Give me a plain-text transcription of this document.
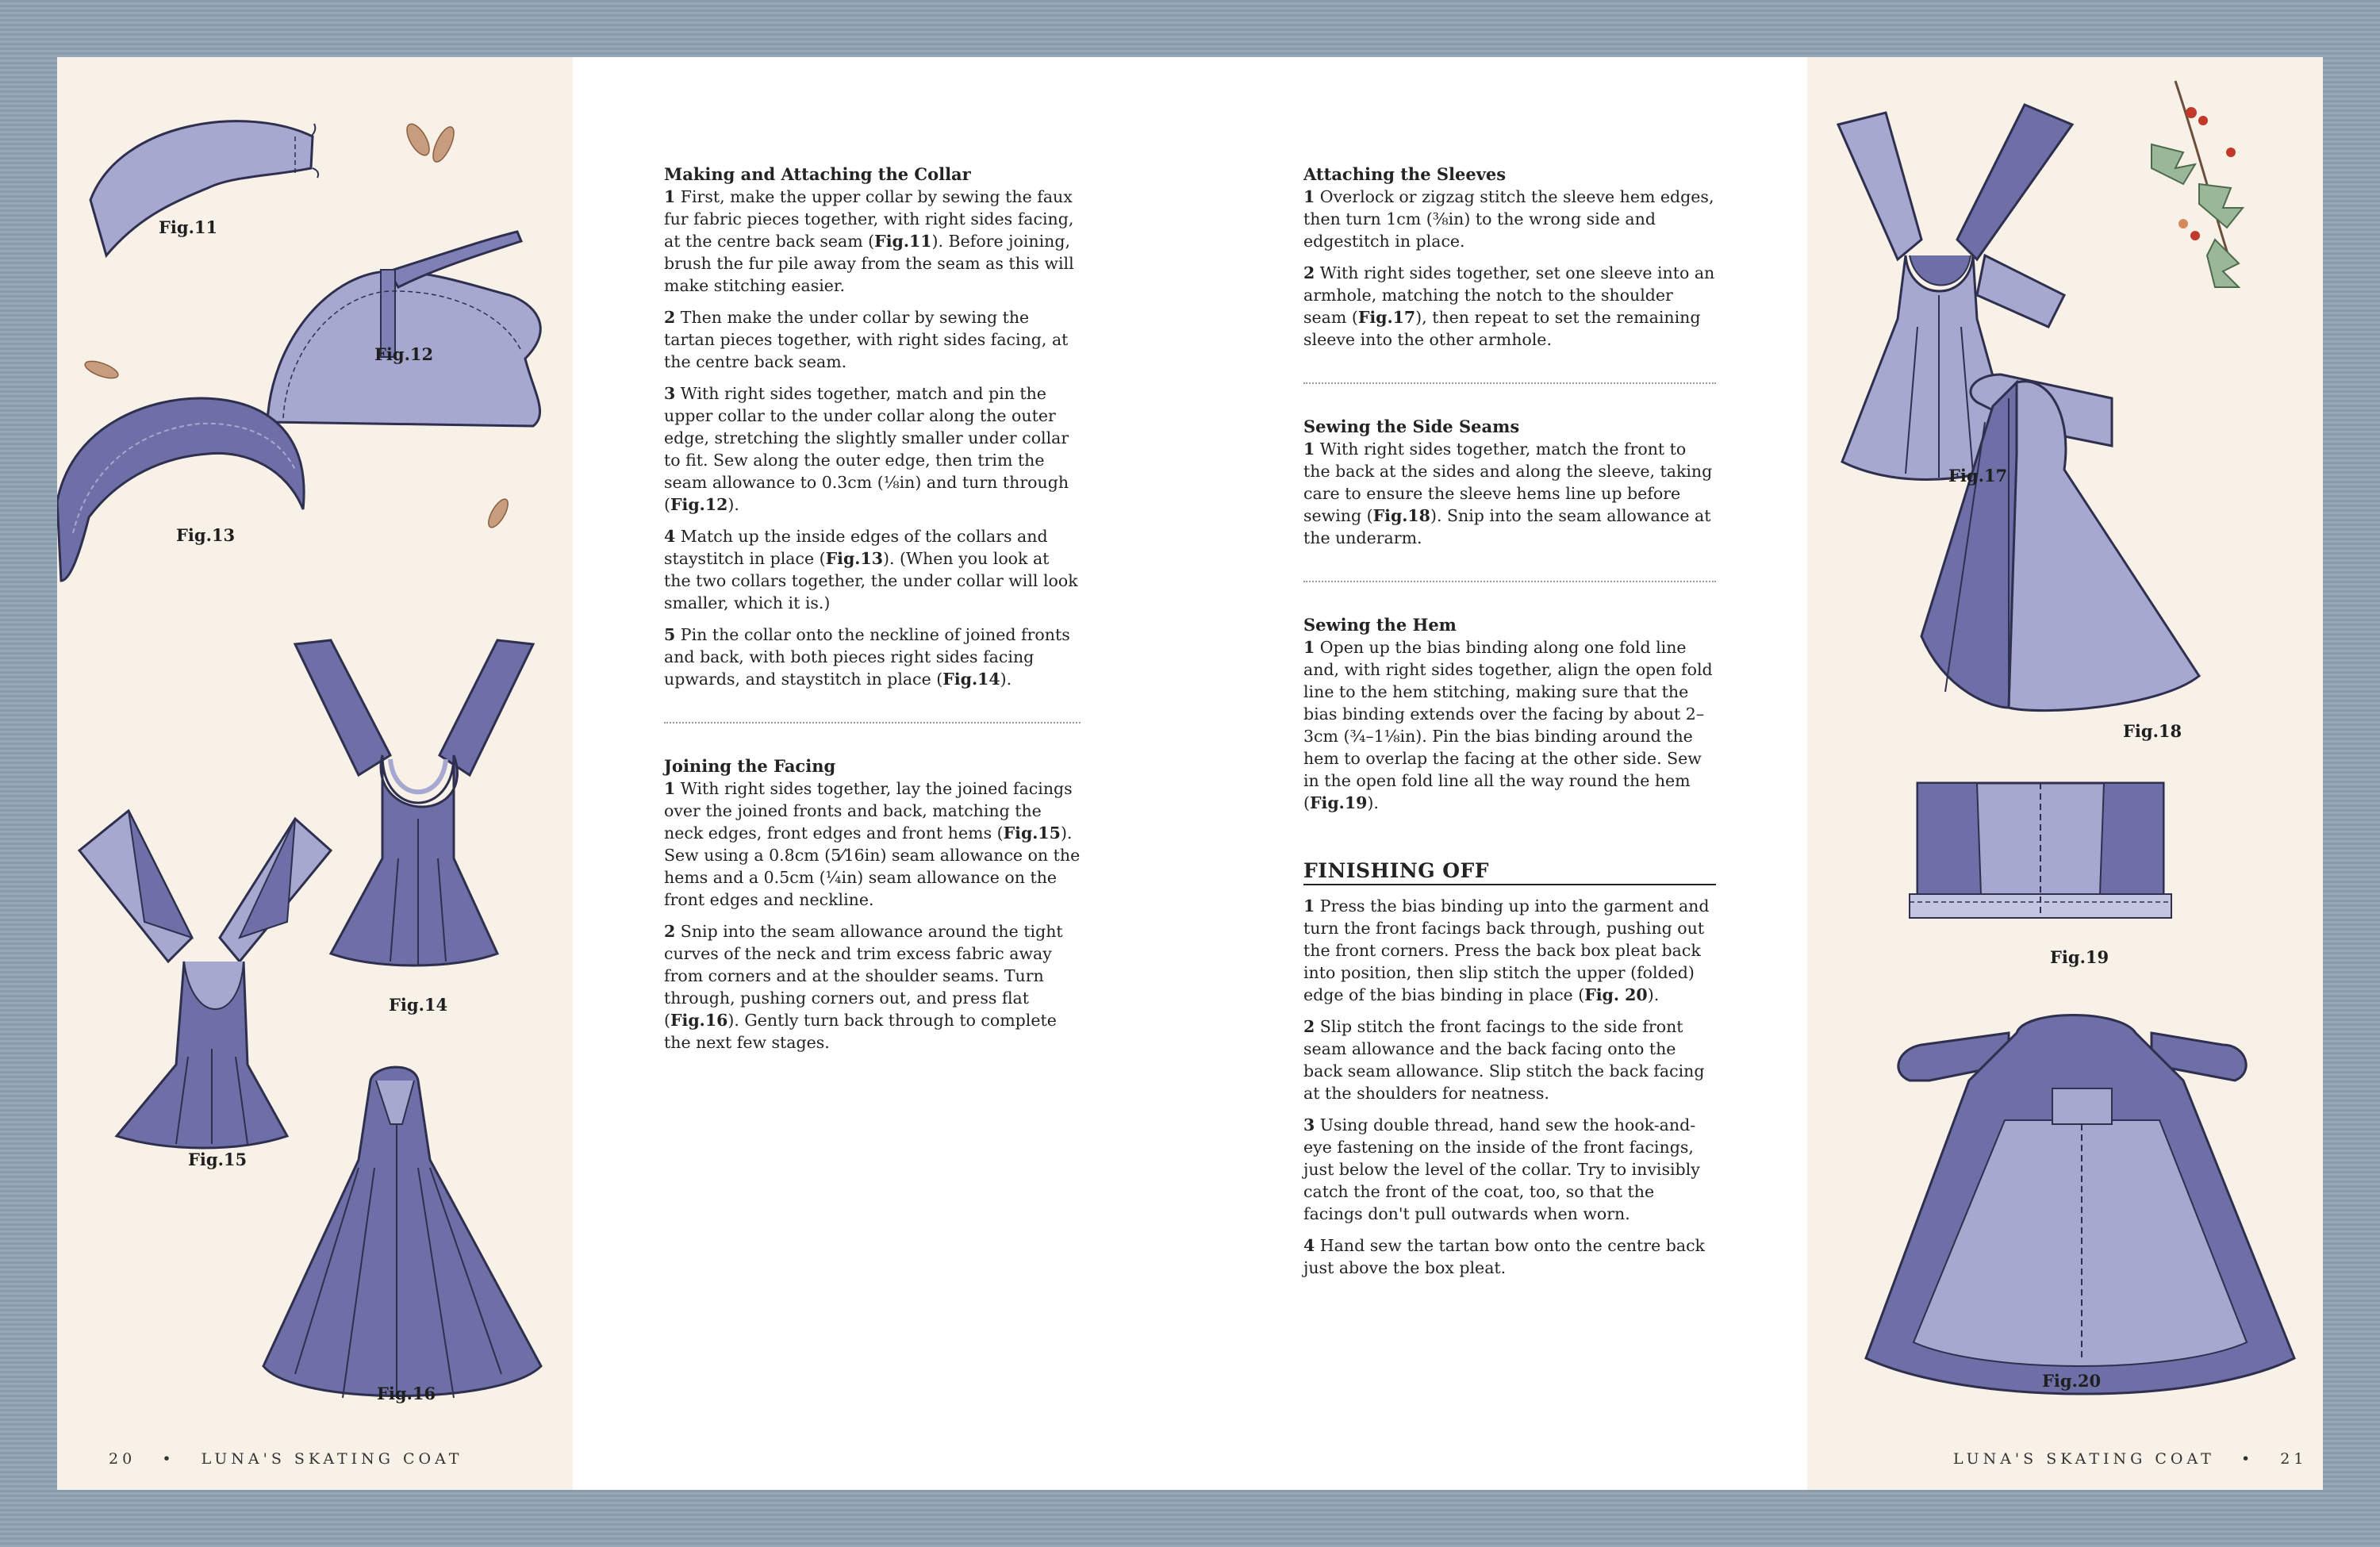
Fig.11
Fig.12
Fig.13
Fig.14
Fig.15
Fig.16
Fig.17
Fig.18
Fig.19
Fig.20
Making and Attaching the Collar

1 First, make the upper collar by sewing the faux fur fabric pieces together, with right sides facing, at the centre back seam (Fig.11). Before joining, brush the fur pile away from the seam as this will make stitching easier.

2 Then make the under collar by sewing the tartan pieces together, with right sides facing, at the centre back seam.

3 With right sides together, match and pin the upper collar to the under collar along the outer edge, stretching the slightly smaller under collar to fit. Sew along the outer edge, then trim the seam allowance to 0.3cm (⅛in) and turn through (Fig.12).

4 Match up the inside edges of the collars and staystitch in place (Fig.13). (When you look at the two collars together, the under collar will look smaller, which it is.)

5 Pin the collar onto the neckline of joined fronts and back, with both pieces right sides facing upwards, and staystitch in place (Fig.14).

Joining the Facing

1 With right sides together, lay the joined facings over the joined fronts and back, matching the neck edges, front edges and front hems (Fig.15). Sew using a 0.8cm (5⁄16in) seam allowance on the hems and a 0.5cm (¼in) seam allowance on the front edges and neckline.

2 Snip into the seam allowance around the tight curves of the neck and trim excess fabric away from corners and at the shoulder seams. Turn through, pushing corners out, and press flat (Fig.16). Gently turn back through to complete the next few stages.

Attaching the Sleeves

1 Overlock or zigzag stitch the sleeve hem edges, then turn 1cm (⅜in) to the wrong side and edgestitch in place.

2 With right sides together, set one sleeve into an armhole, matching the notch to the shoulder seam (Fig.17), then repeat to set the remaining sleeve into the other armhole.

Sewing the Side Seams

1 With right sides together, match the front to the back at the sides and along the sleeve, taking care to ensure the sleeve hems line up before sewing (Fig.18). Snip into the seam allowance at the underarm.

Sewing the Hem

1 Open up the bias binding along one fold line and, with right sides together, align the open fold line to the hem stitching, making sure that the bias binding extends over the facing by about 2–3cm (¾–1⅛in). Pin the bias binding around the hem to overlap the facing at the other side. Sew in the open fold line all the way round the hem (Fig.19).

FINISHING OFF

1 Press the bias binding up into the garment and turn the front facings back through, pushing out the front corners. Press the back box pleat back into position, then slip stitch the upper (folded) edge of the bias binding in place (Fig. 20).

2 Slip stitch the front facings to the side front seam allowance and the back facing onto the back seam allowance. Slip stitch the back facing at the shoulders for neatness.

3 Using double thread, hand sew the hook-and-eye fastening on the inside of the front facings, just below the level of the collar. Try to invisibly catch the front of the coat, too, so that the facings don't pull outwards when worn.

4 Hand sew the tartan bow onto the centre back just above the box pleat.

20 • LUNA'S SKATING COAT	LUNA'S SKATING COAT • 21
